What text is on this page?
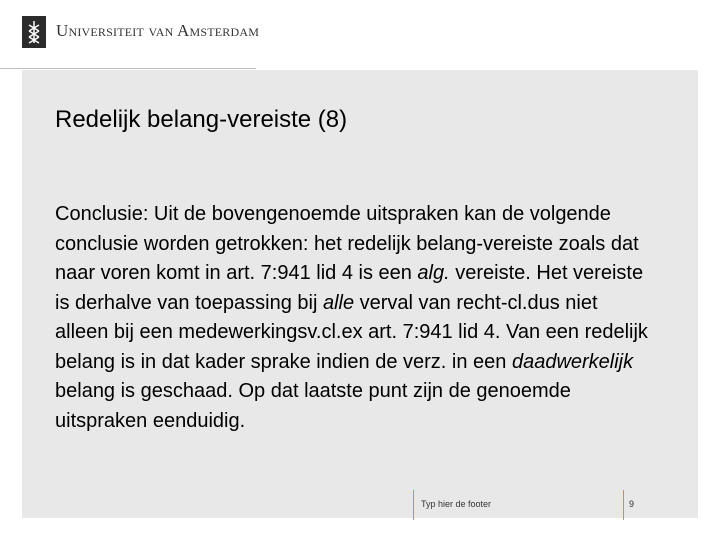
Universiteit van Amsterdam
Redelijk belang-vereiste (8)
Conclusie: Uit de bovengenoemde uitspraken kan de volgende conclusie worden getrokken: het redelijk belang-vereiste zoals dat naar voren komt in art. 7:941 lid 4 is een alg. vereiste. Het vereiste is derhalve van toepassing bij alle verval van recht-cl.dus niet alleen bij een medewerkingsv.cl.ex art. 7:941 lid 4. Van een redelijk belang is in dat kader sprake indien de verz. in een daadwerkelijk belang is geschaad. Op dat laatste punt zijn de genoemde uitspraken eenduidig.
Typ hier de footer	9
